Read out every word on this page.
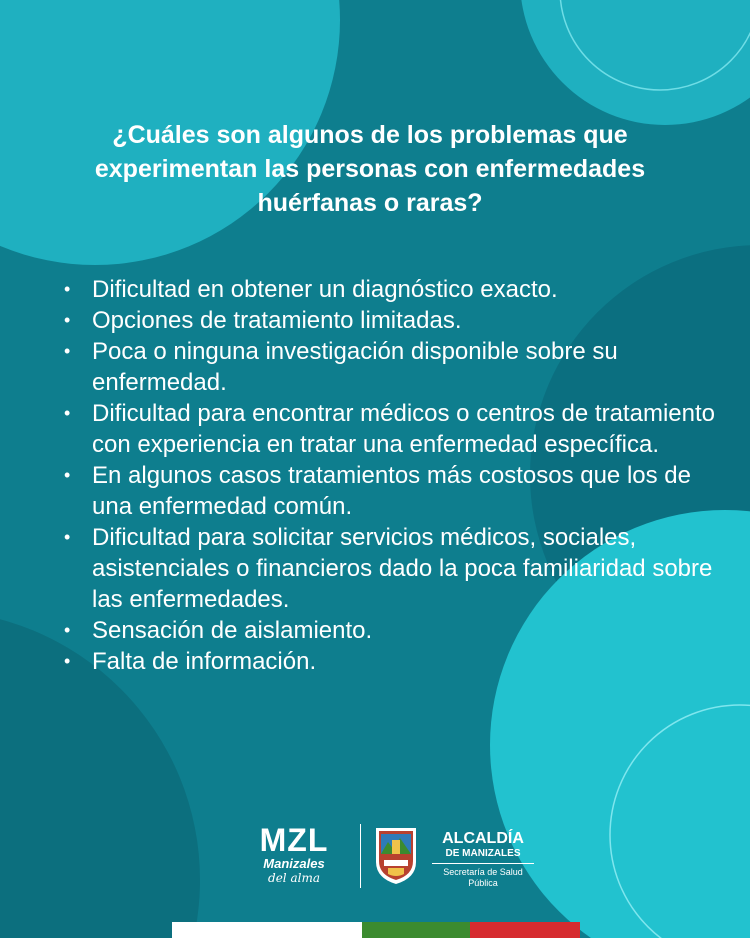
¿Cuáles son algunos de los problemas que experimentan las personas con enfermedades huérfanas o raras?
• Dificultad en obtener un diagnóstico exacto.
• Opciones de tratamiento limitadas.
• Poca o ninguna investigación disponible sobre su enfermedad.
• Dificultad para encontrar médicos o centros de tratamiento con experiencia en tratar una enfermedad específica.
• En algunos casos tratamientos más costosos que los de una enfermedad común.
• Dificultad para solicitar servicios médicos, sociales, asistenciales o financieros dado la poca familiaridad sobre las enfermedades.
• Sensación de aislamiento.
• Falta de información.
MZL
Manizales
del alma
ALCALDÍA
DE MANIZALES
Secretaría de Salud Pública
